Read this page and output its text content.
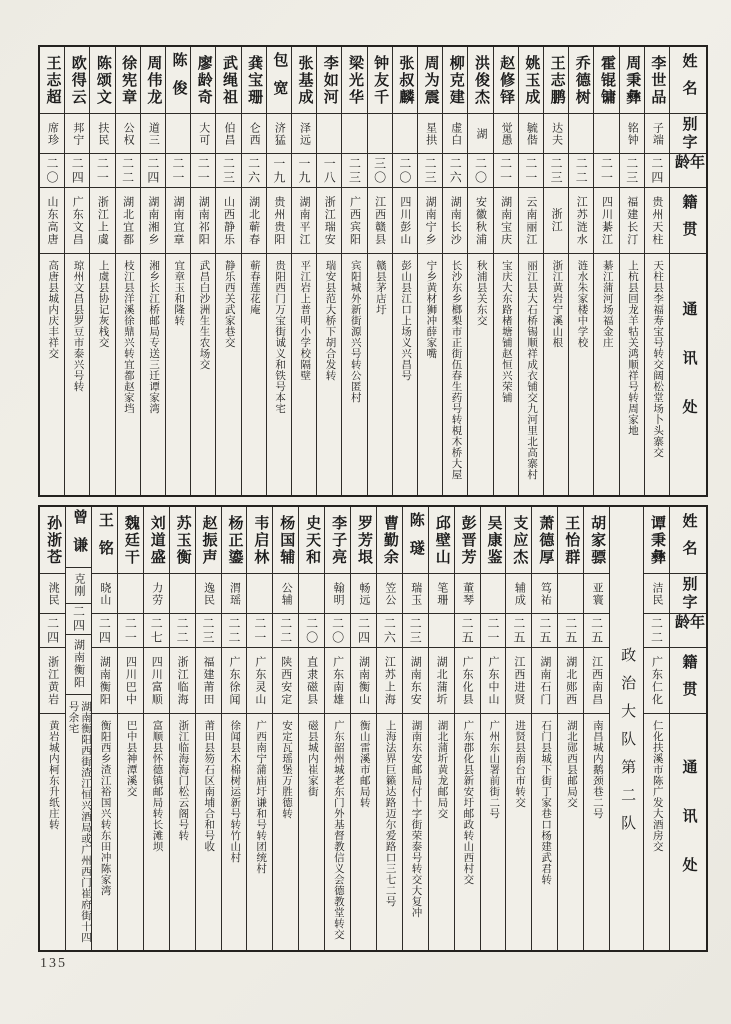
姓名
别字
年龄
籍贯
通讯处
李世品
子端
二四
贵州天柱
天柱县李福寿宝号转交阔松堂场卜头寨交
周秉彝
铭钟
二三
福建长汀
上杭县回龙羊牯关鸿顺祥号转周家地
霍锟镛
二一
四川綦江
綦江蒲河场福金庄
乔德树
二二
江苏涟水
涟水朱家楼中学校
王志鹏
达夫
二三
浙江
浙江黄岩宁溪山根
姚玉成
毓偕
二一
云南丽江
丽江县大石桥锡顺祥成衣铺交九河里北高寨村
赵修铎
觉愚
二一
湖南宝庆
宝庆大东路楮塘铺赵恒兴荣铺
洪俊杰
湖
二〇
安徽秋浦
秋浦县关东交
柳克建
虚白
二六
湖南长沙
长沙东乡榔梨市正街伍春生药号转梘木桥大屋
周为震
星拱
二三
湖南宁乡
宁乡黄材狮冲薛家嘴
张叔麟
二〇
四川彭山
彭山县江口上场义兴昌号
钟友千
三〇
江西赣县
赣县茅店圩
梁光华
二三
广西宾阳
宾阳城外新街源兴号转公匿村
李如河
一八
浙江瑞安
瑞安县范大桥下胡合发转
张基成
泽远
一九
湖南平江
平江岩上普明小学校隔壁
包宽
济猛
一九
贵州贵阳
贵阳西门万宝街诚义和铁号本宅
龚宝珊
仑西
二六
湖北蕲春
蕲春莲花庵
武绳祖
伯昌
二三
山西静乐
静乐西关武家巷交
廖龄奇
大可
二一
湖南祁阳
武昌白沙洲生生农场交
陈俊
二一
湖南宜章
宜章玉和隆转
周伟龙
道三
二四
湖南湘乡
湘乡长江桥邮局专送三迁谭家湾
徐宪章
公权
二二
湖北宜都
枝江县洋溪徐鼎兴转宜都赵家垱
陈颂文
扶民
二一
浙江上虞
上虞县协记灰栈交
欧得云
邦宁
二四
广东文昌
琼州文昌县罗豆市泰兴号转
王志超
席珍
二〇
山东高唐
高唐县城内庆丰祥交
姓名
别字
年龄
籍贯
通讯处
谭秉彝
洁民
二二
广东仁化
仁化扶溪市陈广发大酒房交
政治大队第二队
胡家骠
亚寰
二五
江西南昌
南昌城内鹅颈巷二号
王怡群
二五
湖北郧西
湖北郧西县邮局交
萧德厚
笃祐
二五
湖南石门
石门县城下街丁家巷口杨建武君转
支应杰
辅成
二五
江西进贤
进贤县南台市转交
吴康鉴
二一
广东中山
广州东山署前街二号
彭晋芳
董琴
二五
广东化县
广东郡化县新安圩邮政转山西村交
邱壁山
笔珊
湖北蒲圻
湖北蒲圻黄龙邮局交
陈璲
瑞玉
二三
湖南东安
湖南东安邮局付十字街荣泰号转交大复冲
曹勤余
笠公
二六
江苏上海
上海法界巨籁达路迈尔爱路口三七二号
罗芳垠
畅远
二四
湖南衡山
衡山雷溪市邮局转
李子亮
翰明
二〇
广东南雄
广东韶州城老东门外基督教信义会德教堂转交
史天和
二〇
直隶磁县
磁县城内崔家街
杨国辅
公辅
二二
陕西安定
安定瓦瑶堡万胜德转
韦启林
二一
广东灵山
广西南宁蒲庙圩谦和号转团统村
杨正鎏
渭瑶
二二
广东徐闻
徐闻县木棉树运新号转竹山村
赵振声
逸民
二三
福建莆田
莆田县笏石区南埔合和号收
苏玉衡
二二
浙江临海
浙江临海海门松云阁号转
刘道盛
力劳
二七
四川富顺
富顺县怀德镇邮局转长滩坝
魏廷干
二一
四川巴中
巴中县神潭溪交
王铭
晓山
二四
湖南衡阳
衡阳西乡渣江裕国兴转东田冲陈家湾
曾谦
克刚
二四
湖南衡阳
湖南衡阳西街渣江恒兴酒局或广州西门崔府街十四号余宅
孙浙苍
洮民
二四
浙江黄岩
黄岩城内柯东升纸庄转
135
